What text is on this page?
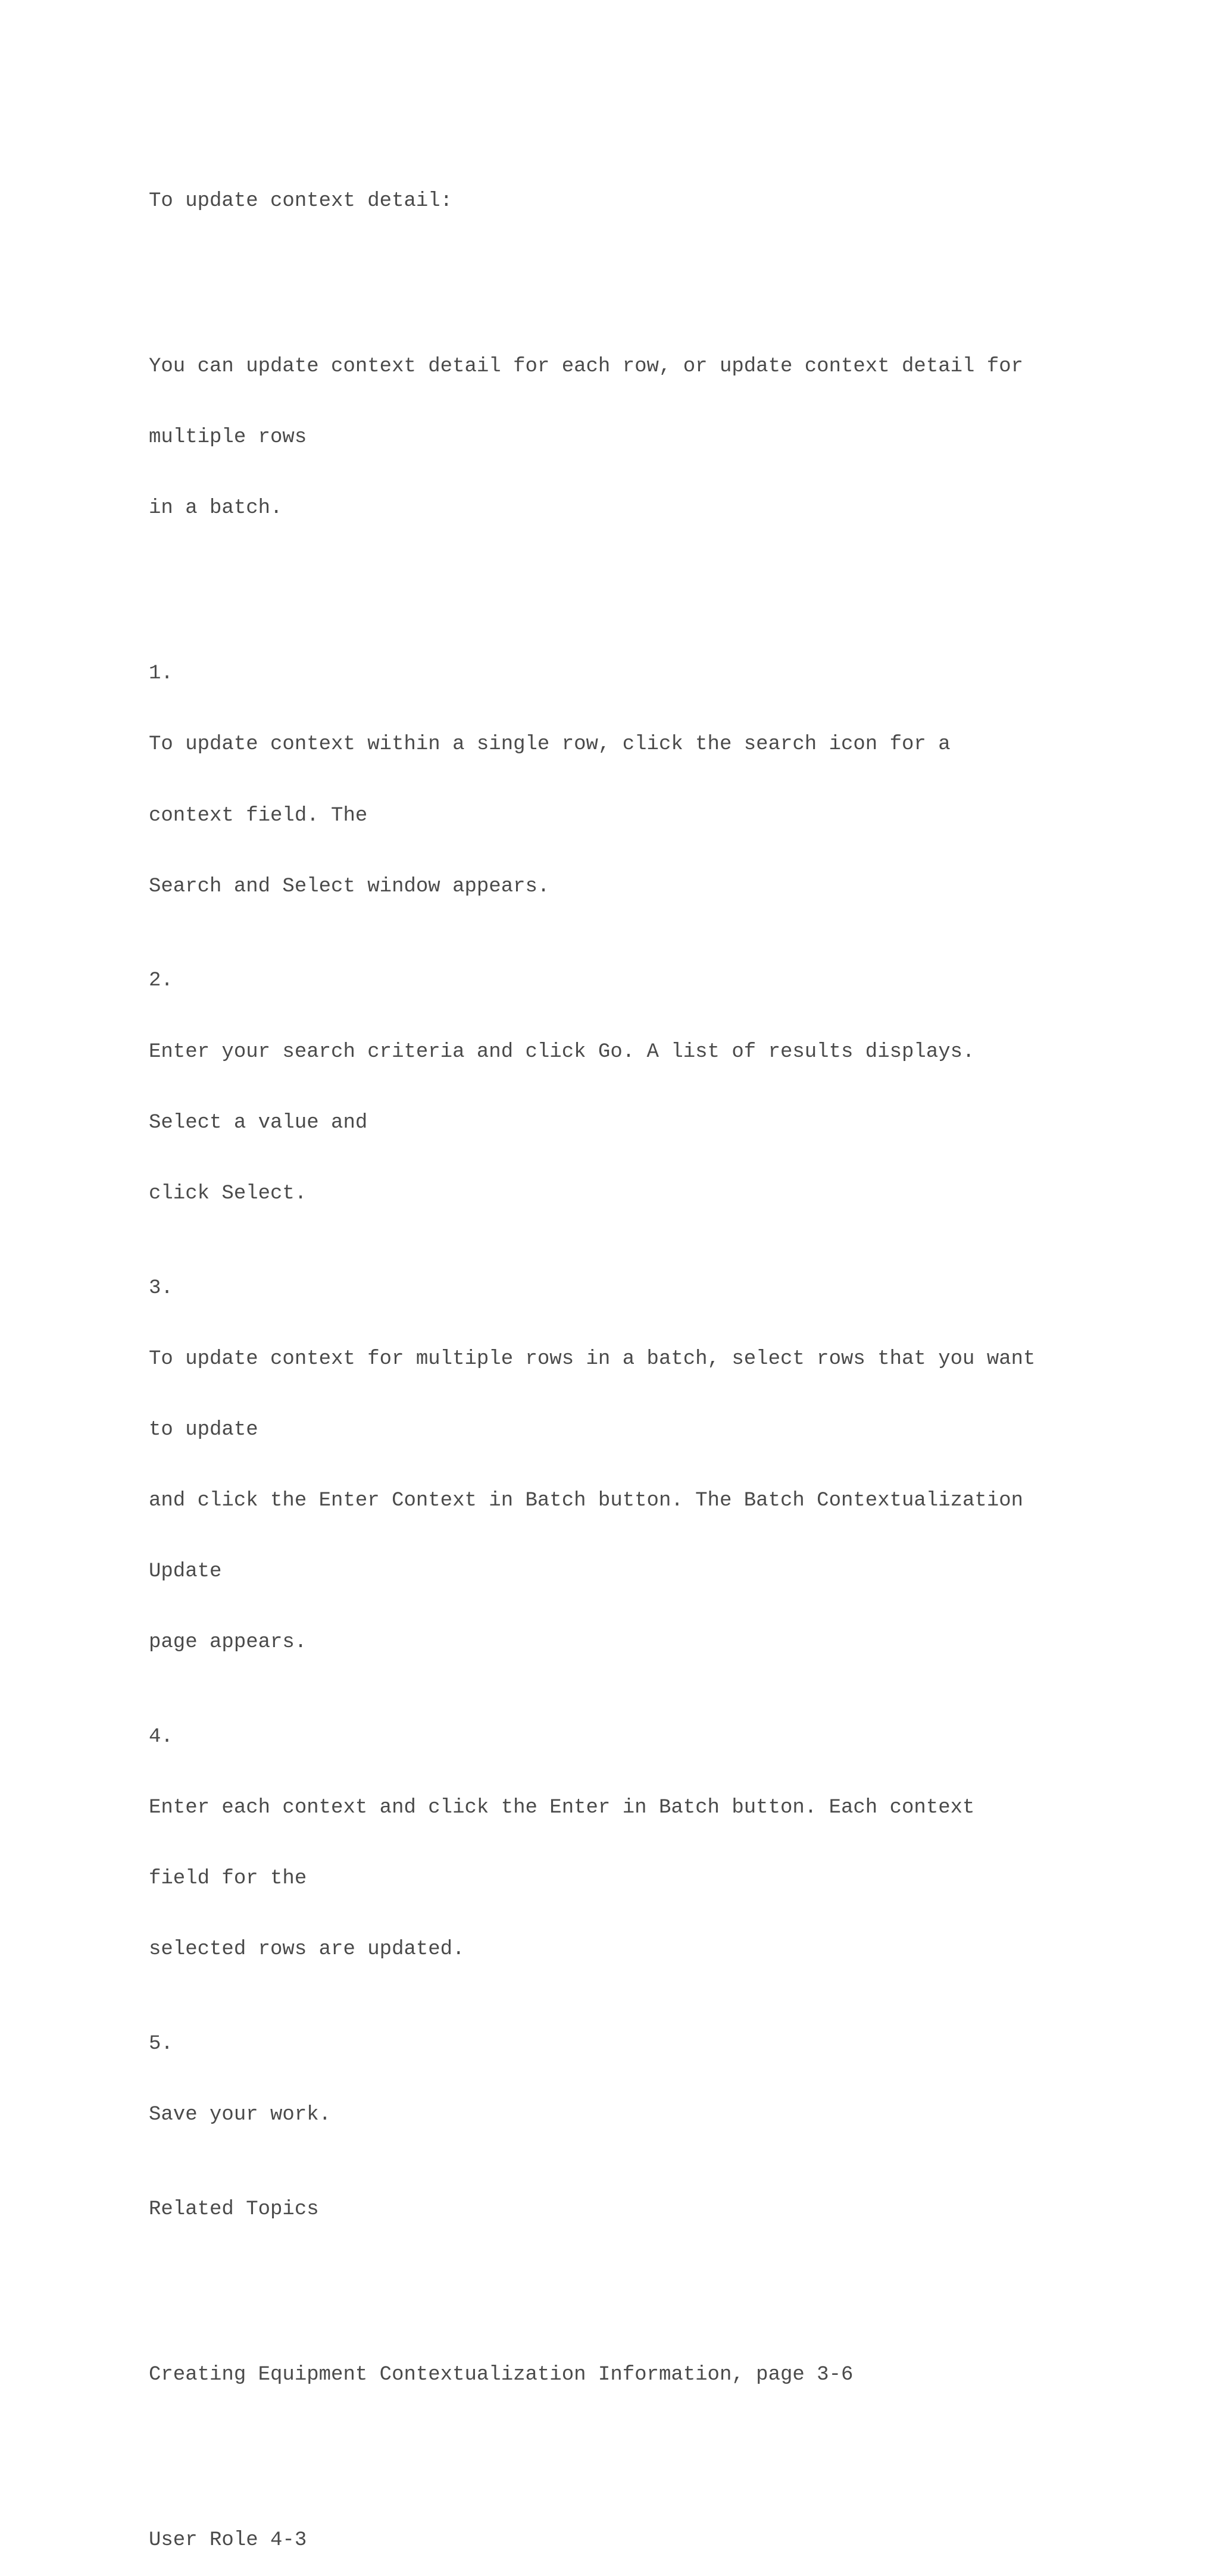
To update context detail:

You can update context detail for each row, or update context detail for

multiple rows

in a batch.

1.

To update context within a single row, click the search icon for a

context field. The

Search and Select window appears.

2.

Enter your search criteria and click Go. A list of results displays.

Select a value and

click Select.

3.

To update context for multiple rows in a batch, select rows that you want

to update

and click the Enter Context in Batch button. The Batch Contextualization

Update

page appears.

4.

Enter each context and click the Enter in Batch button. Each context

field for the

selected rows are updated.

5.

Save your work.

Related Topics

Creating Equipment Contextualization Information, page 3-6

User Role 4-3
